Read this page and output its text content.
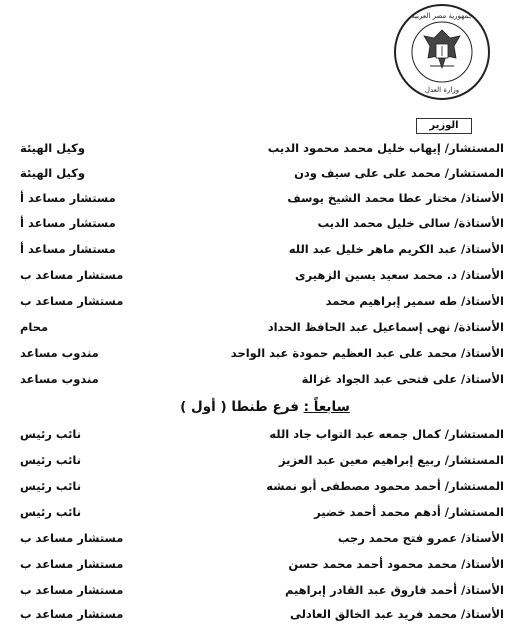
جمهورية مصر العربية
وزارة العدل
الوزير
المستشار/ إيهاب خليل محمد محمود الديب
وكيل الهيئة
المستشار/ محمد على على سيف ودن
وكيل الهيئة
الأستاذ/ مختار عطا محمد الشيخ يوسف
مستشار مساعد أ
الأستاذة/ سالى خليل محمد الديب
مستشار مساعد أ
الأستاذ/ عبد الكريم ماهر خليل عبد الله
مستشار مساعد أ
الأستاذ/ د. محمد سعيد يسين الزهيرى
مستشار مساعد ب
الأستاذ/ طه سمير إبراهيم محمد
مستشار مساعد ب
الأستاذة/ نهى إسماعيل عبد الحافظ الحداد
محام
الأستاذ/ محمد على عبد العظيم حمودة عبد الواحد
مندوب مساعد
الأستاذ/ على فتحى عبد الجواد غزالة
مندوب مساعد
سابعاً : فرع طنطا ( أول )
المستشار/ كمال جمعه عبد التواب جاد الله
نائب رئيس
المستشار/ ربيع إبراهيم معين عبد العزيز
نائب رئيس
المستشار/ أحمد محمود مصطفى أبو نمشه
نائب رئيس
المستشار/ أدهم محمد أحمد خضير
نائب رئيس
الأستاذ/ عمرو فتح محمد رجب
مستشار مساعد ب
الأستاذ/ محمد محمود أحمد محمد حسن
مستشار مساعد ب
الأستاذ/ أحمد فاروق عبد القادر إبراهيم
مستشار مساعد ب
الأستاذ/ محمد فريد عبد الخالق العادلى
مستشار مساعد ب
